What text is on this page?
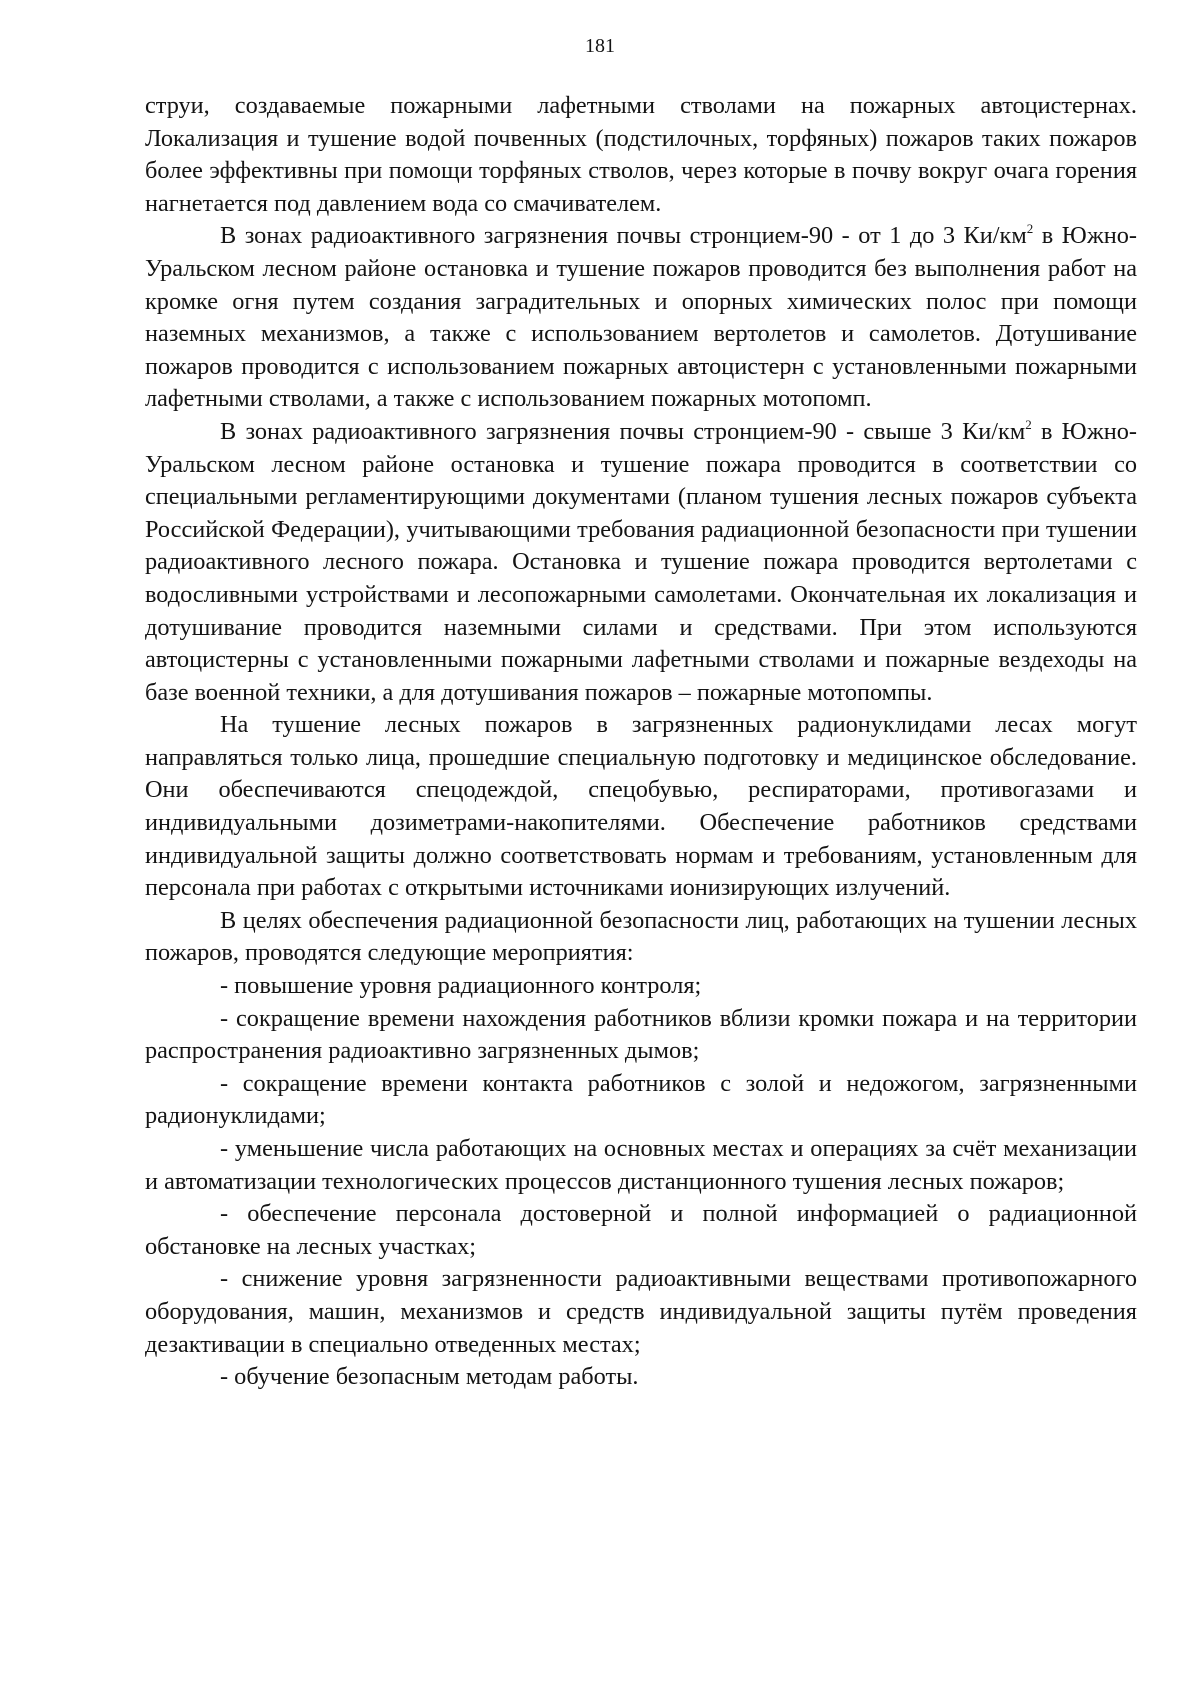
181

струи, создаваемые пожарными лафетными стволами на пожарных автоцистернах. Локализация и тушение водой почвенных (подстилочных, торфяных) пожаров таких пожаров более эффективны при помощи торфяных стволов, через которые в почву вокруг очага горения нагнетается под давлением вода со смачивателем.

В зонах радиоактивного загрязнения почвы стронцием-90 - от 1 до 3 $Ки/км^2$ в Южно-Уральском лесном районе остановка и тушение пожаров проводится без выполнения работ на кромке огня путем создания заградительных и опорных химических полос при помощи наземных механизмов, а также с использованием вертолетов и самолетов. Дотушивание пожаров проводится с использованием пожарных автоцистерн с установленными пожарными лафетными стволами, а также с использованием пожарных мотопомп.

В зонах радиоактивного загрязнения почвы стронцием-90 - свыше 3 $Ки/км^2$ в Южно-Уральском лесном районе остановка и тушение пожара проводится в соответствии со специальными регламентирующими документами (планом тушения лесных пожаров субъекта Российской Федерации), учитывающими требования радиационной безопасности при тушении радиоактивного лесного пожара. Остановка и тушение пожара проводится вертолетами с водосливными устройствами и лесопожарными самолетами. Окончательная их локализация и дотушивание проводится наземными силами и средствами. При этом используются автоцистерны с установленными пожарными лафетными стволами и пожарные вездеходы на базе военной техники, а для дотушивания пожаров – пожарные мотопомпы.

На тушение лесных пожаров в загрязненных радионуклидами лесах могут направляться только лица, прошедшие специальную подготовку и медицинское обследование. Они обеспечиваются спецодеждой, спецобувью, респираторами, противогазами и индивидуальными дозиметрами-накопителями. Обеспечение работников средствами индивидуальной защиты должно соответствовать нормам и требованиям, установленным для персонала при работах с открытыми источниками ионизирующих излучений.

В целях обеспечения радиационной безопасности лиц, работающих на тушении лесных пожаров, проводятся следующие мероприятия:

- повышение уровня радиационного контроля;

- сокращение времени нахождения работников вблизи кромки пожара и на территории распространения радиоактивно загрязненных дымов;

- сокращение времени контакта работников с золой и недожогом, загрязненными радионуклидами;

- уменьшение числа работающих на основных местах и операциях за счёт механизации и автоматизации технологических процессов дистанционного тушения лесных пожаров;

- обеспечение персонала достоверной и полной информацией о радиационной обстановке на лесных участках;

- снижение уровня загрязненности радиоактивными веществами противопожарного оборудования, машин, механизмов и средств индивидуальной защиты путём проведения дезактивации в специально отведенных местах;

- обучение безопасным методам работы.
